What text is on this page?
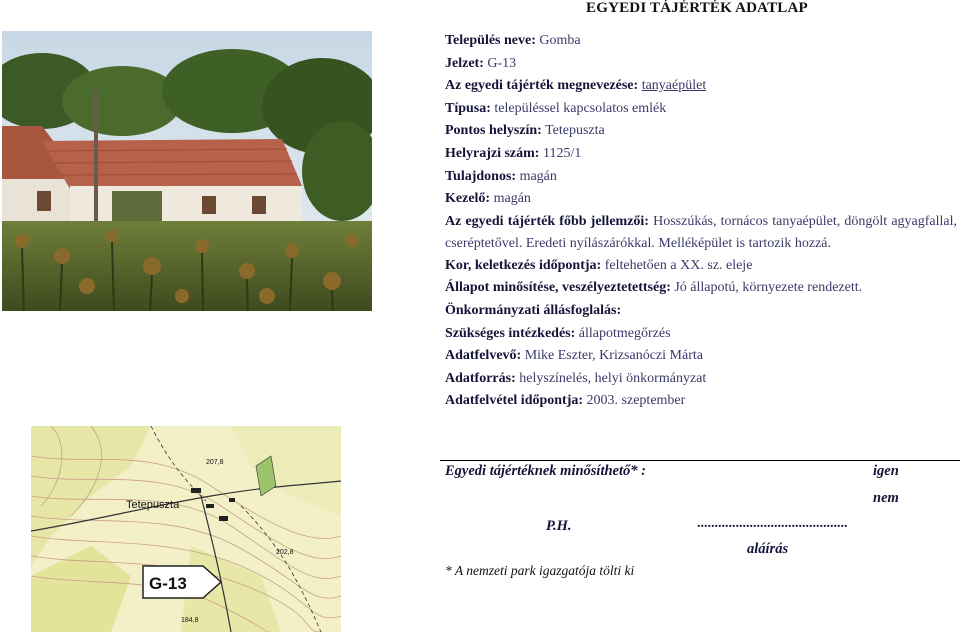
EGYEDI TÁJÉRTÉK ADATLAP
Tetepuszta
202,8
207,8
184,8
G-13
Település neve: Gomba
Jelzet: G-13
Az egyedi tájérték megnevezése: tanyaépület
Típusa: településsel kapcsolatos emlék
Pontos helyszín: Tetepuszta
Helyrajzi szám: 1125/1
Tulajdonos: magán
Kezelő: magán
Az egyedi tájérték főbb jellemzői: Hosszúkás, tornácos tanyaépület, döngölt agyagfallal, cseréptetővel. Eredeti nyílászárókkal. Melléképület is tartozik hozzá.
Kor, keletkezés időpontja: feltehetően a XX. sz. eleje
Állapot minősítése, veszélyeztetettség: Jó állapotú, környezete rendezett.
Önkormányzati állásfoglalás:
Szükséges intézkedés: állapotmegőrzés
Adatfelvevő: Mike Eszter, Krizsanóczi Márta
Adatforrás: helyszínelés, helyi önkormányzat
Adatfelvétel időpontja: 2003. szeptember
Egyedi tájértéknek minősíthető* :	igen
nem
P.H.	...........................................
aláírás
* A nemzeti park igazgatója tölti ki
